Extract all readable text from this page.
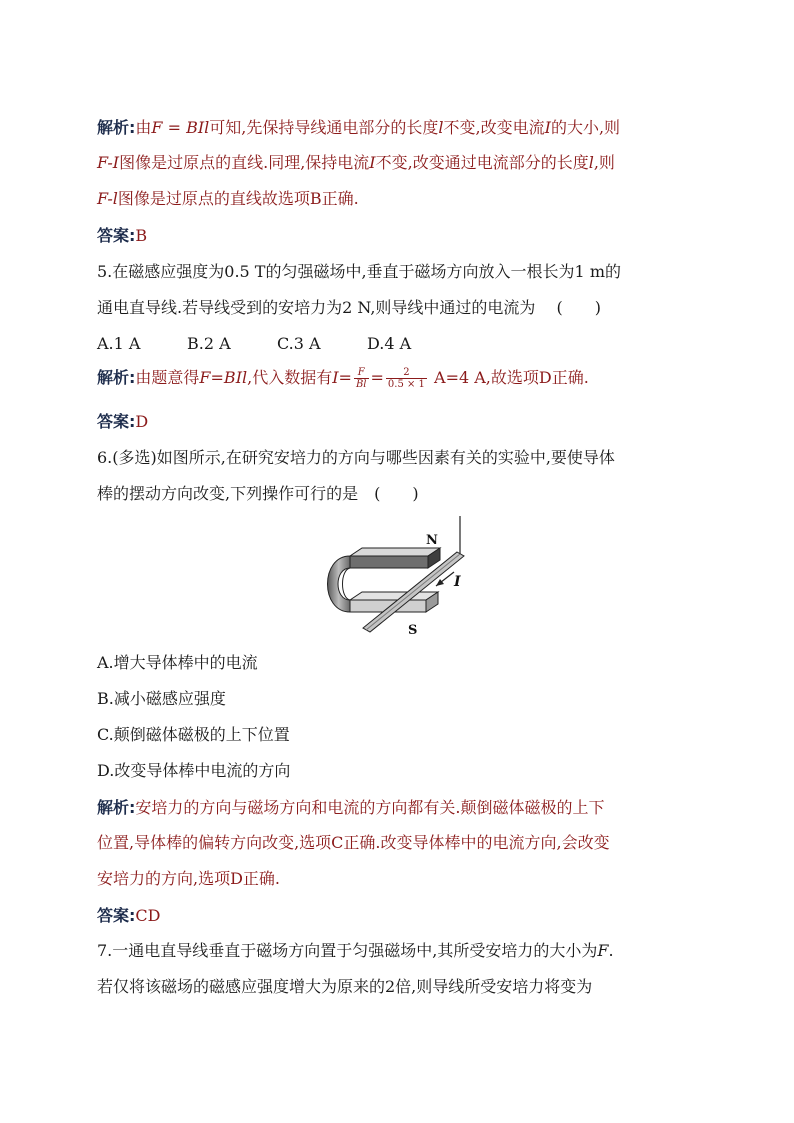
解析:由F = BIl可知,先保持导线通电部分的长度l不变,改变电流I的大小,则
F-I图像是过原点的直线.同理,保持电流I不变,改变通过电流部分的长度l,则
F-l图像是过原点的直线故选项B正确.
答案:B
5.在磁感应强度为0.5 T的匀强磁场中,垂直于磁场方向放入一根长为1 m的
通电直导线.若导线受到的安培力为2 N,则导线中通过的电流为　 (　　)
A.1 A	B.2 A	C.3 A	D.4 A
解析:由题意得F=BIl,代入数据有$I= \frac{F}{Bl} = \frac{2}{0.5 \times 1} A=4$ A,故选项D正确.
答案:D
6.(多选)如图所示,在研究安培力的方向与哪些因素有关的实验中,要使导体
棒的摆动方向改变,下列操作可行的是　(　　)
N
S
I
A.增大导体棒中的电流
B.减小磁感应强度
C.颠倒磁体磁极的上下位置
D.改变导体棒中电流的方向
解析:安培力的方向与磁场方向和电流的方向都有关.颠倒磁体磁极的上下
位置,导体棒的偏转方向改变,选项C正确.改变导体棒中的电流方向,会改变
安培力的方向,选项D正确.
答案:CD
7.一通电直导线垂直于磁场方向置于匀强磁场中,其所受安培力的大小为F.
若仅将该磁场的磁感应强度增大为原来的2倍,则导线所受安培力将变为
